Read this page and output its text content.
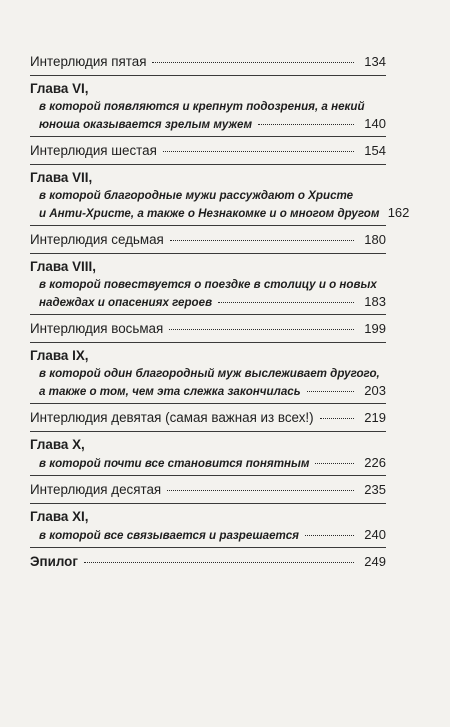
Интерлюдия пятая	134
Глава VI,
в которой появляются и крепнут подозрения, а некий
юноша оказывается зрелым мужем	140
Интерлюдия шестая	154
Глава VII,
в которой благородные мужи рассуждают о Христе
и Анти-Христе, а также о Незнакомке и о многом другом 162
Интерлюдия седьмая	180
Глава VIII,
в которой повествуется о поездке в столицу и о новых
надеждах и опасениях героев	183
Интерлюдия восьмая	199
Глава IX,
в которой один благородный муж выслеживает другого,
а также о том, чем эта слежка закончилась	203
Интерлюдия девятая (самая важная из всех!)	219
Глава X,
в которой почти все становится понятным	226
Интерлюдия десятая	235
Глава XI,
в которой все связывается и разрешается	240
Эпилог	249
